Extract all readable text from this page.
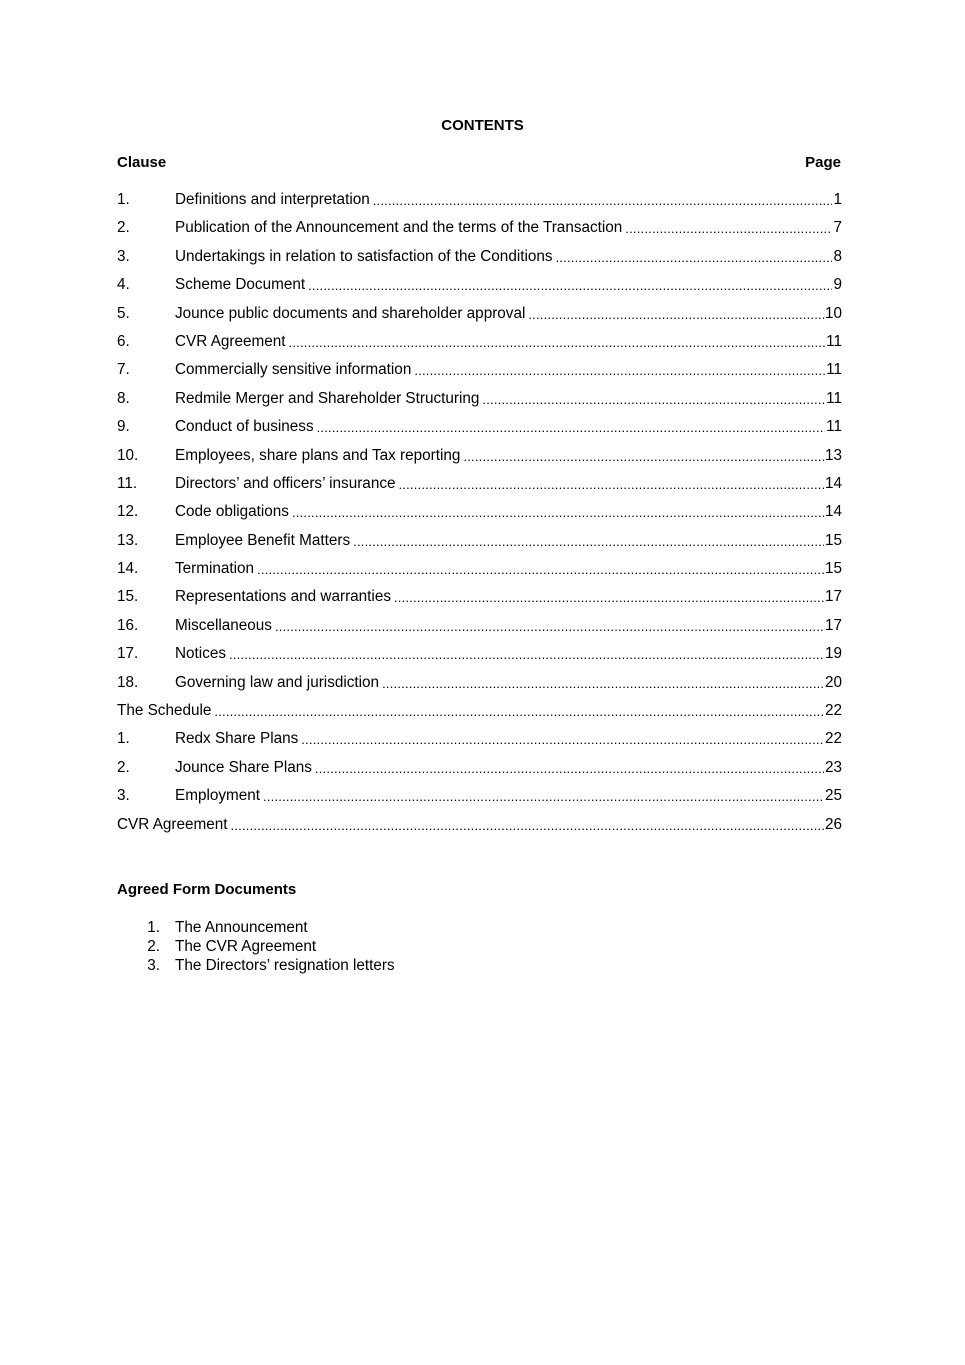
CONTENTS
Clause	Page
1.	Definitions and interpretation .....	1
2.	Publication of the Announcement and the terms of the Transaction .....	7
3.	Undertakings in relation to satisfaction of the Conditions .....	8
4.	Scheme Document .....	9
5.	Jounce public documents and shareholder approval .....	10
6.	CVR Agreement .....	11
7.	Commercially sensitive information .....	11
8.	Redmile Merger and Shareholder Structuring .....	11
9.	Conduct of business .....	11
10.	Employees, share plans and Tax reporting .....	13
11.	Directors’ and officers’ insurance .....	14
12.	Code obligations .....	14
13.	Employee Benefit Matters .....	15
14.	Termination .....	15
15.	Representations and warranties .....	17
16.	Miscellaneous .....	17
17.	Notices .....	19
18.	Governing law and jurisdiction .....	20
The Schedule .....	22
1.	Redx Share Plans .....	22
2.	Jounce Share Plans .....	23
3.	Employment .....	25
CVR Agreement .....	26
Agreed Form Documents
1. The Announcement
2. The CVR Agreement
3. The Directors’ resignation letters
